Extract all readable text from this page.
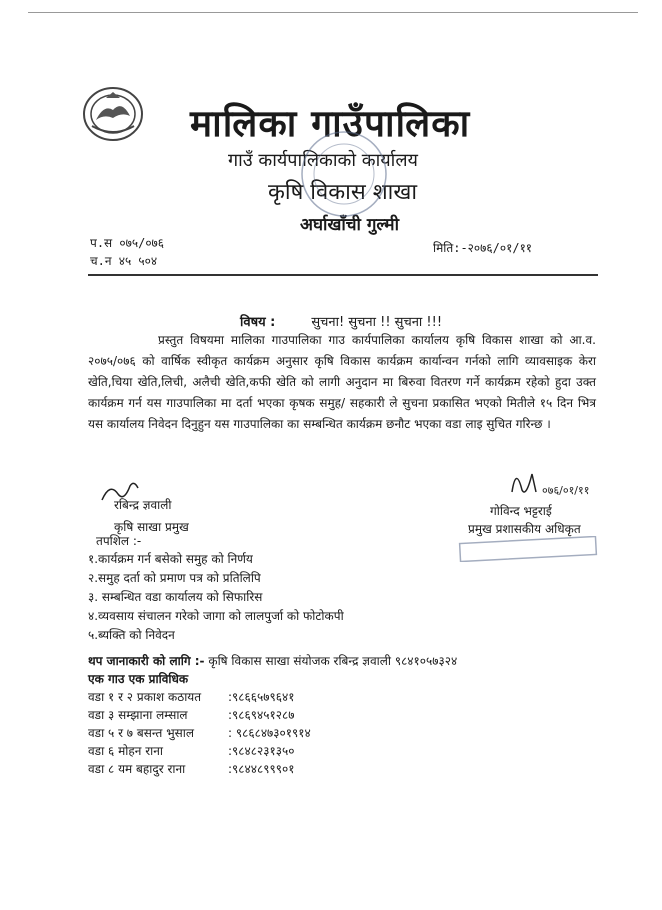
मालिका गाउँपालिका
गाउँ कार्यपालिकाको कार्यालय
कृषि विकास शाखा
अर्घाखाँची गुल्मी
प.स ०७५/०७६
च.न ४५ ५०४
मिति:-२०७६/०१/११
विषय :	सुचना! सुचना !! सुचना !!!
प्रस्तुत विषयमा मालिका गाउपालिका गाउ कार्यपालिका कार्यालय कृषि विकास शाखा को आ.व. २०७५/०७६ को वार्षिक स्वीकृत कार्यक्रम अनुसार कृषि विकास कार्यक्रम कार्यान्वन गर्नको लागि व्यावसाइक केरा खेति,चिया खेति,लिची, अलैची खेति,कफी खेति को लागी अनुदान मा बिरुवा वितरण गर्ने कार्यक्रम रहेको हुदा उक्त कार्यक्रम गर्न यस गाउपालिका मा दर्ता भएका कृषक समुह/ सहकारी ले सुचना प्रकासित भएको मितीले १५ दिन भित्र यस कार्यालय निवेदन दिनुहुन यस गाउपालिका का सम्बन्धित कार्यक्रम छनौट भएका वडा लाइ सुचित गरिन्छ ।
रबिन्द्र ज्ञवाली
कृषि साखा प्रमुख
०७६/०१/११
गोविन्द भट्टराई
प्रमुख प्रशासकीय अधिकृत
तपशिल :-
१.कार्यक्रम गर्न बसेको समुह को निर्णय
२.समुह दर्ता को प्रमाण पत्र को प्रतिलिपि
३. सम्बन्धित वडा कार्यालय को सिफारिस
४.व्यवसाय संचालन गरेको जागा को लालपुर्जा को फोटोकपी
५.ब्यक्ति को निवेदन
थप जानाकारी को लागि :- कृषि विकास साखा संयोजक रबिन्द्र ज्ञवाली ९८४१०५७३२४
एक गाउ एक प्राविधिक
वडा १ र २ प्रकाश कठायत :९८६६५७९६४१
वडा ३ सम्झाना लम्साल	:९८६९४५१२८७
वडा ५ र ७ बसन्त भुसाल	: ९८६८४७३०१९१४
वडा ६ मोहन राना	:९८४८२३१३५०
वडा ८ यम बहादुर राना	:९८४४८९९९०१
